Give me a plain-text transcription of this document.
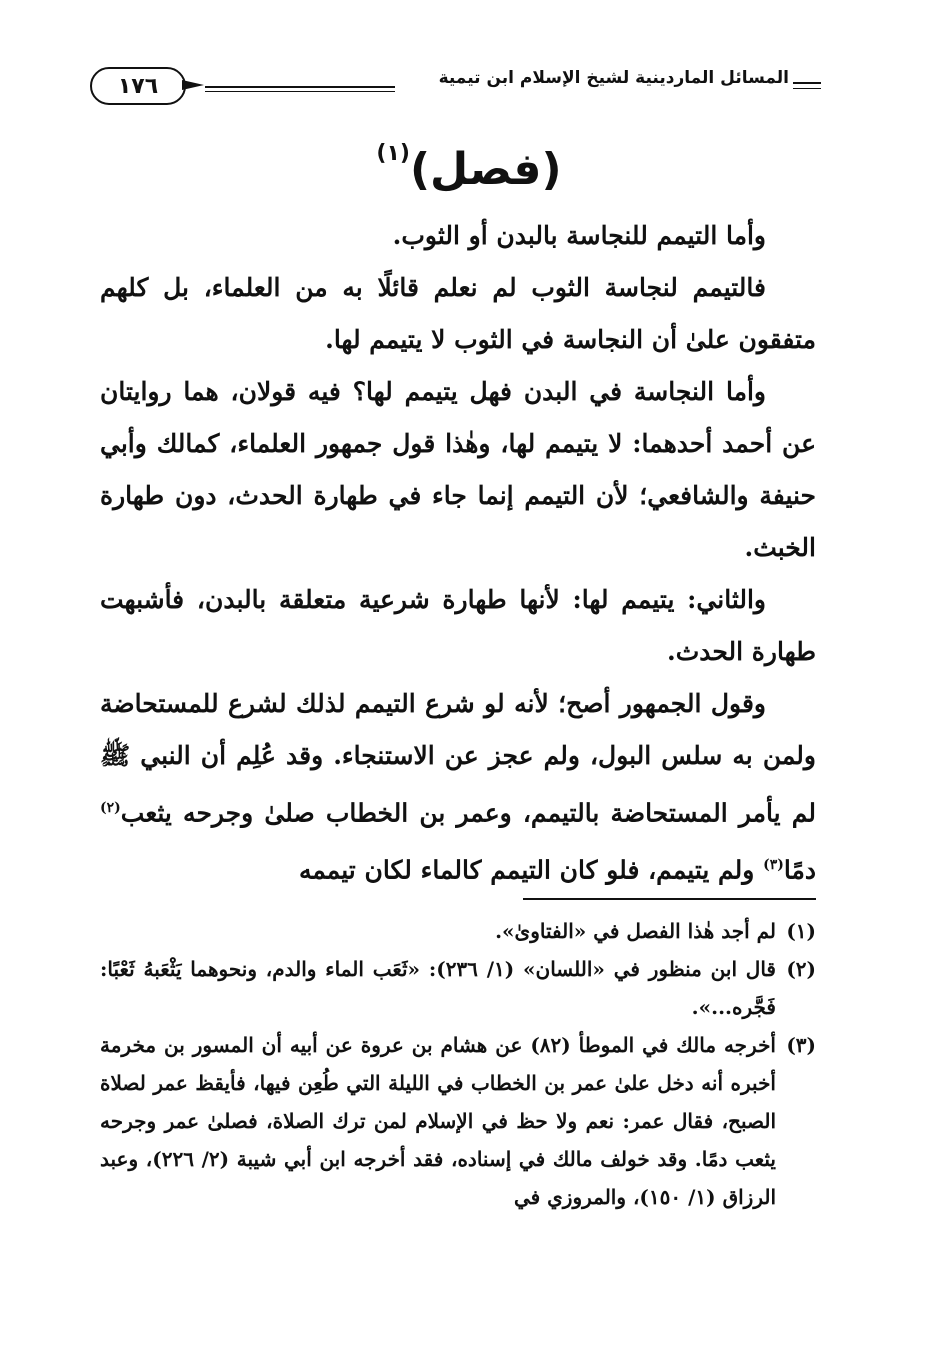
المسائل الماردينية لشيخ الإسلام ابن تيمية
١٧٦
(فصل)$^{(١)}$

وأما التيمم للنجاسة بالبدن أو الثوب.

فالتيمم لنجاسة الثوب لم نعلم قائلًا به من العلماء، بل كلهم متفقون علىٰ أن النجاسة في الثوب لا يتيمم لها.

وأما النجاسة في البدن فهل يتيمم لها؟ فيه قولان، هما روايتان عن أحمد أحدهما: لا يتيمم لها، وهٰذا قول جمهور العلماء، كمالك وأبي حنيفة والشافعي؛ لأن التيمم إنما جاء في طهارة الحدث، دون طهارة الخبث.

والثاني: يتيمم لها: لأنها طهارة شرعية متعلقة بالبدن، فأشبهت طهارة الحدث.

وقول الجمهور أصح؛ لأنه لو شرع التيمم لذلك لشرع للمستحاضة ولمن به سلس البول، ولم عجز عن الاستنجاء. وقد عُلِم أن النبي ﷺ لم يأمر المستحاضة بالتيمم، وعمر بن الخطاب صلىٰ وجرحه يثعب$^{(٢)}$ دمًا$^{(٣)}$ ولم يتيمم، فلو كان التيمم كالماء لكان تيممه

(١)
لم أجد هٰذا الفصل في «الفتاوىٰ».
(٢)
قال ابن منظور في «اللسان» (١/ ٢٣٦): «ثَعَب الماء والدم، ونحوهما يَثْعَبهُ ثَعْبًا: فَجَّره...».
(٣)
أخرجه مالك في الموطأ (٨٢) عن هشام بن عروة عن أبيه أن المسور بن مخرمة أخبره أنه دخل علىٰ عمر بن الخطاب في الليلة التي طُعِن فيها، فأيقظ عمر لصلاة الصبح، فقال عمر: نعم ولا حظ في الإسلام لمن ترك الصلاة، فصلىٰ عمر وجرحه يثعب دمًا. وقد خولف مالك في إسناده، فقد أخرجه ابن أبي شيبة (٢/ ٢٢٦)، وعبد الرزاق (١/ ١٥٠)، والمروزي في
